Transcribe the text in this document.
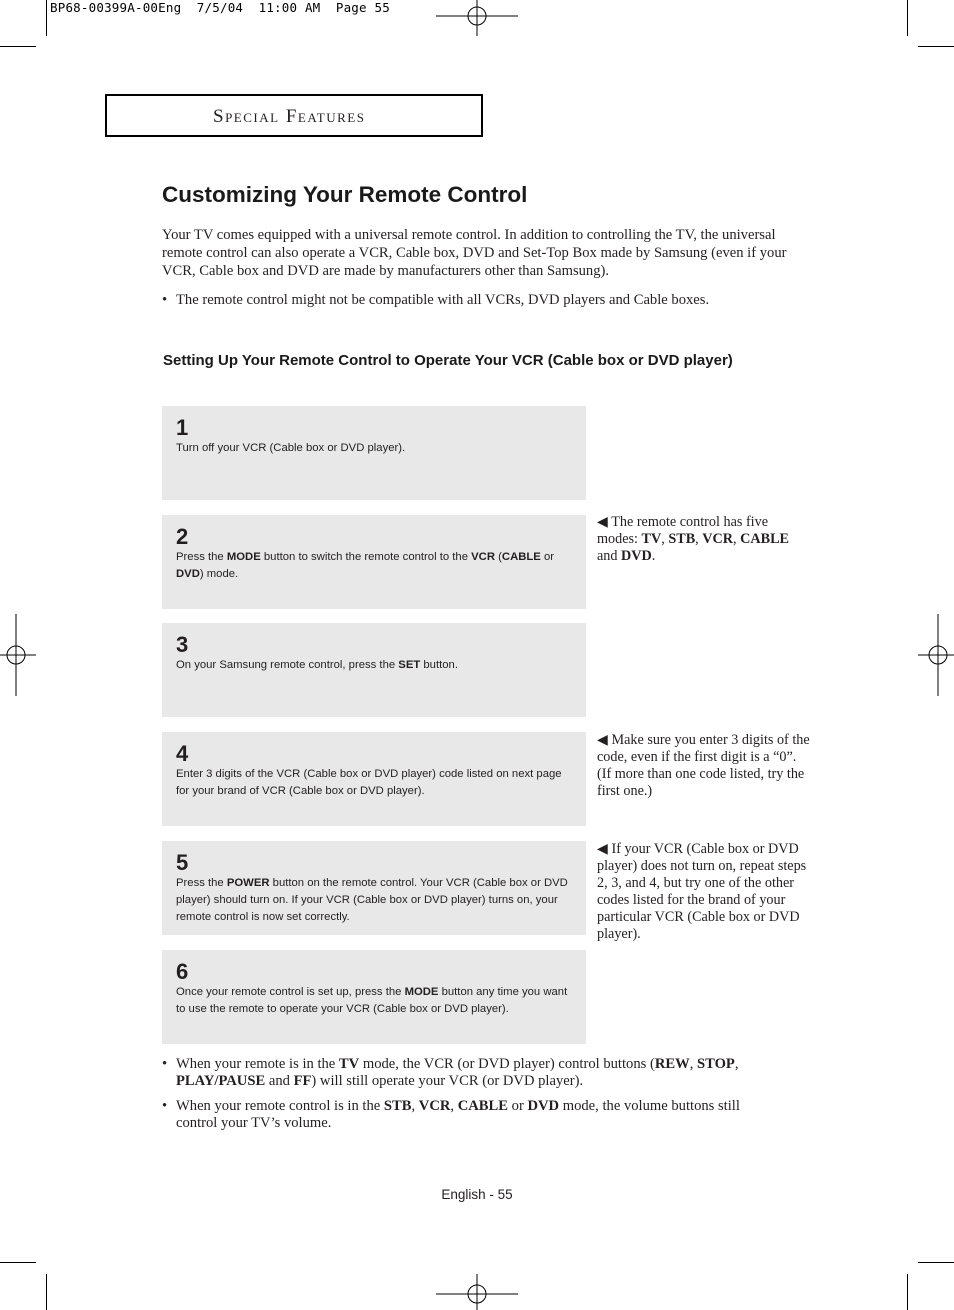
BP68-00399A-00Eng  7/5/04  11:00 AM  Page 55
Special Features
Customizing Your Remote Control
Your TV comes equipped with a universal remote control. In addition to controlling the TV, the universal remote control can also operate a VCR, Cable box, DVD and Set-Top Box made by Samsung (even if your VCR, Cable box and DVD are made by manufacturers other than Samsung).
• The remote control might not be compatible with all VCRs, DVD players and Cable boxes.
Setting Up Your Remote Control to Operate Your VCR (Cable box or DVD player)
1
Turn off your VCR (Cable box or DVD player).
2
Press the MODE button to switch the remote control to the VCR (CABLE or DVD) mode.
3
On your Samsung remote control, press the SET button.
4
Enter 3 digits of the VCR (Cable box or DVD player) code listed on next page for your brand of VCR (Cable box or DVD player).
5
Press the POWER button on the remote control. Your VCR (Cable box or DVD player) should turn on. If your VCR (Cable box or DVD player) turns on, your remote control is now set correctly.
6
Once your remote control is set up, press the MODE button any time you want to use the remote to operate your VCR (Cable box or DVD player).
◀ The remote control has five modes: TV, STB, VCR, CABLE and DVD.
◀ Make sure you enter 3 digits of the code, even if the first digit is a “0”. (If more than one code listed, try the first one.)
◀ If your VCR (Cable box or DVD player) does not turn on, repeat steps 2, 3, and 4, but try one of the other codes listed for the brand of your particular VCR (Cable box or DVD player).
• When your remote is in the TV mode, the VCR (or DVD player) control buttons (REW, STOP, PLAY/PAUSE and FF) will still operate your VCR (or DVD player).
• When your remote control is in the STB, VCR, CABLE or DVD mode, the volume buttons still control your TV’s volume.
English - 55
